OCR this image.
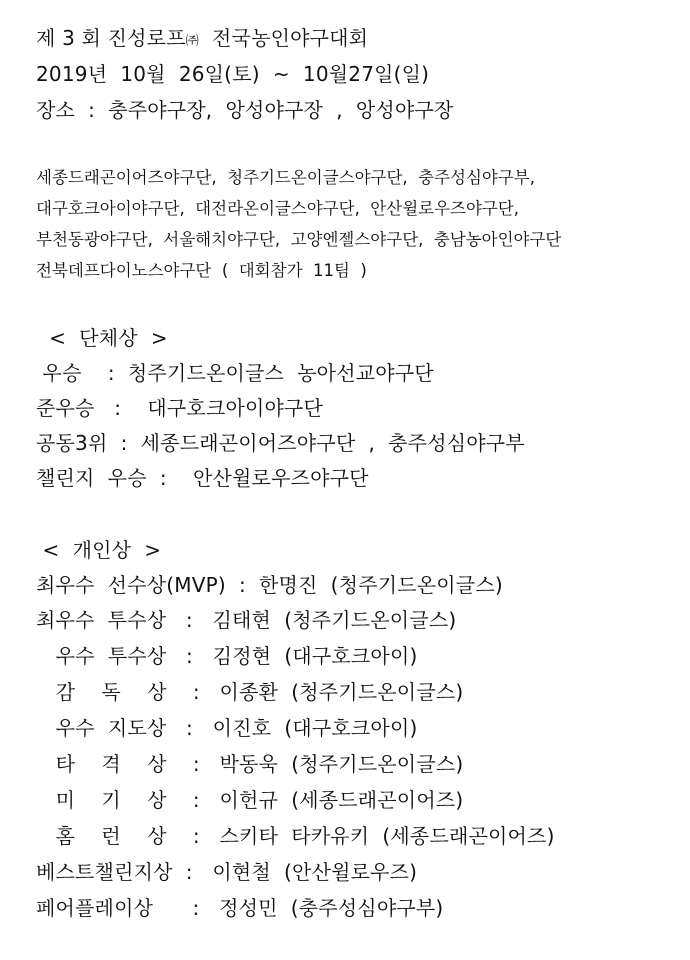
제 3 회 진성로프㈜  전국농인야구대회
2019년  10월  26일(토)  ~  10월27일(일)
장소  :  충주야구장,  앙성야구장  ,  앙성야구장
세종드래곤이어즈야구단,  청주기드온이글스야구단,  충주성심야구부,
대구호크아이야구단,  대전라온이글스야구단,  안산윌로우즈야구단,
부천동광야구단,  서울해치야구단,  고양엔젤스야구단,  충남농아인야구단
전북데프다이노스야구단  (  대회참가  11팀  )
<  단체상  >
우승    :  청주기드온이글스  농아선교야구단
준우승   :    대구호크아이야구단
공동3위  :  세종드래곤이어즈야구단  ,  충주성심야구부
챌린지  우승  :    안산윌로우즈야구단
<  개인상  >
최우수  선수상(MVP)  :  한명진  (청주기드온이글스)
최우수  투수상   :   김태현  (청주기드온이글스)
우수  투수상   :   김정현  (대구호크아이)
감    독    상    :   이종환  (청주기드온이글스)
우수  지도상   :   이진호  (대구호크아이)
타    격    상    :   박동욱  (청주기드온이글스)
미    기    상    :   이헌규  (세종드래곤이어즈)
홈    런    상    :   스키타  타카유키  (세종드래곤이어즈)
베스트챌린지상  :   이현철  (안산윌로우즈)
페어플레이상      :   정성민  (충주성심야구부)
